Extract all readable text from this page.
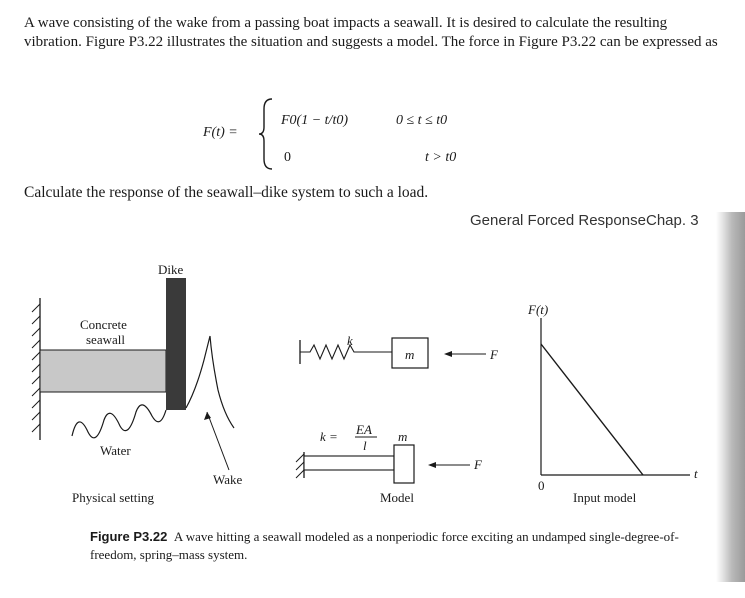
A wave consisting of the wake from a passing boat impacts a seawall. It is desired to calculate the resulting vibration. Figure P3.22 illustrates the situation and suggests a model. The force in Figure P3.22 can be expressed as
F(t) =
F0(1 − t/t0)	0 ≤ t ≤ t0
0	t > t0
Calculate the response of the seawall–dike system to such a load.
General Forced Response Chap. 3
Dike
Concrete
seawall
Water
Wake
Physical setting
k
m	F
k = EA
l
m
F
Model
F(t)
t
0
Input model
Figure P3.22 A wave hitting a seawall modeled as a nonperiodic force exciting an undamped single-degree-of-freedom, spring–mass system.
